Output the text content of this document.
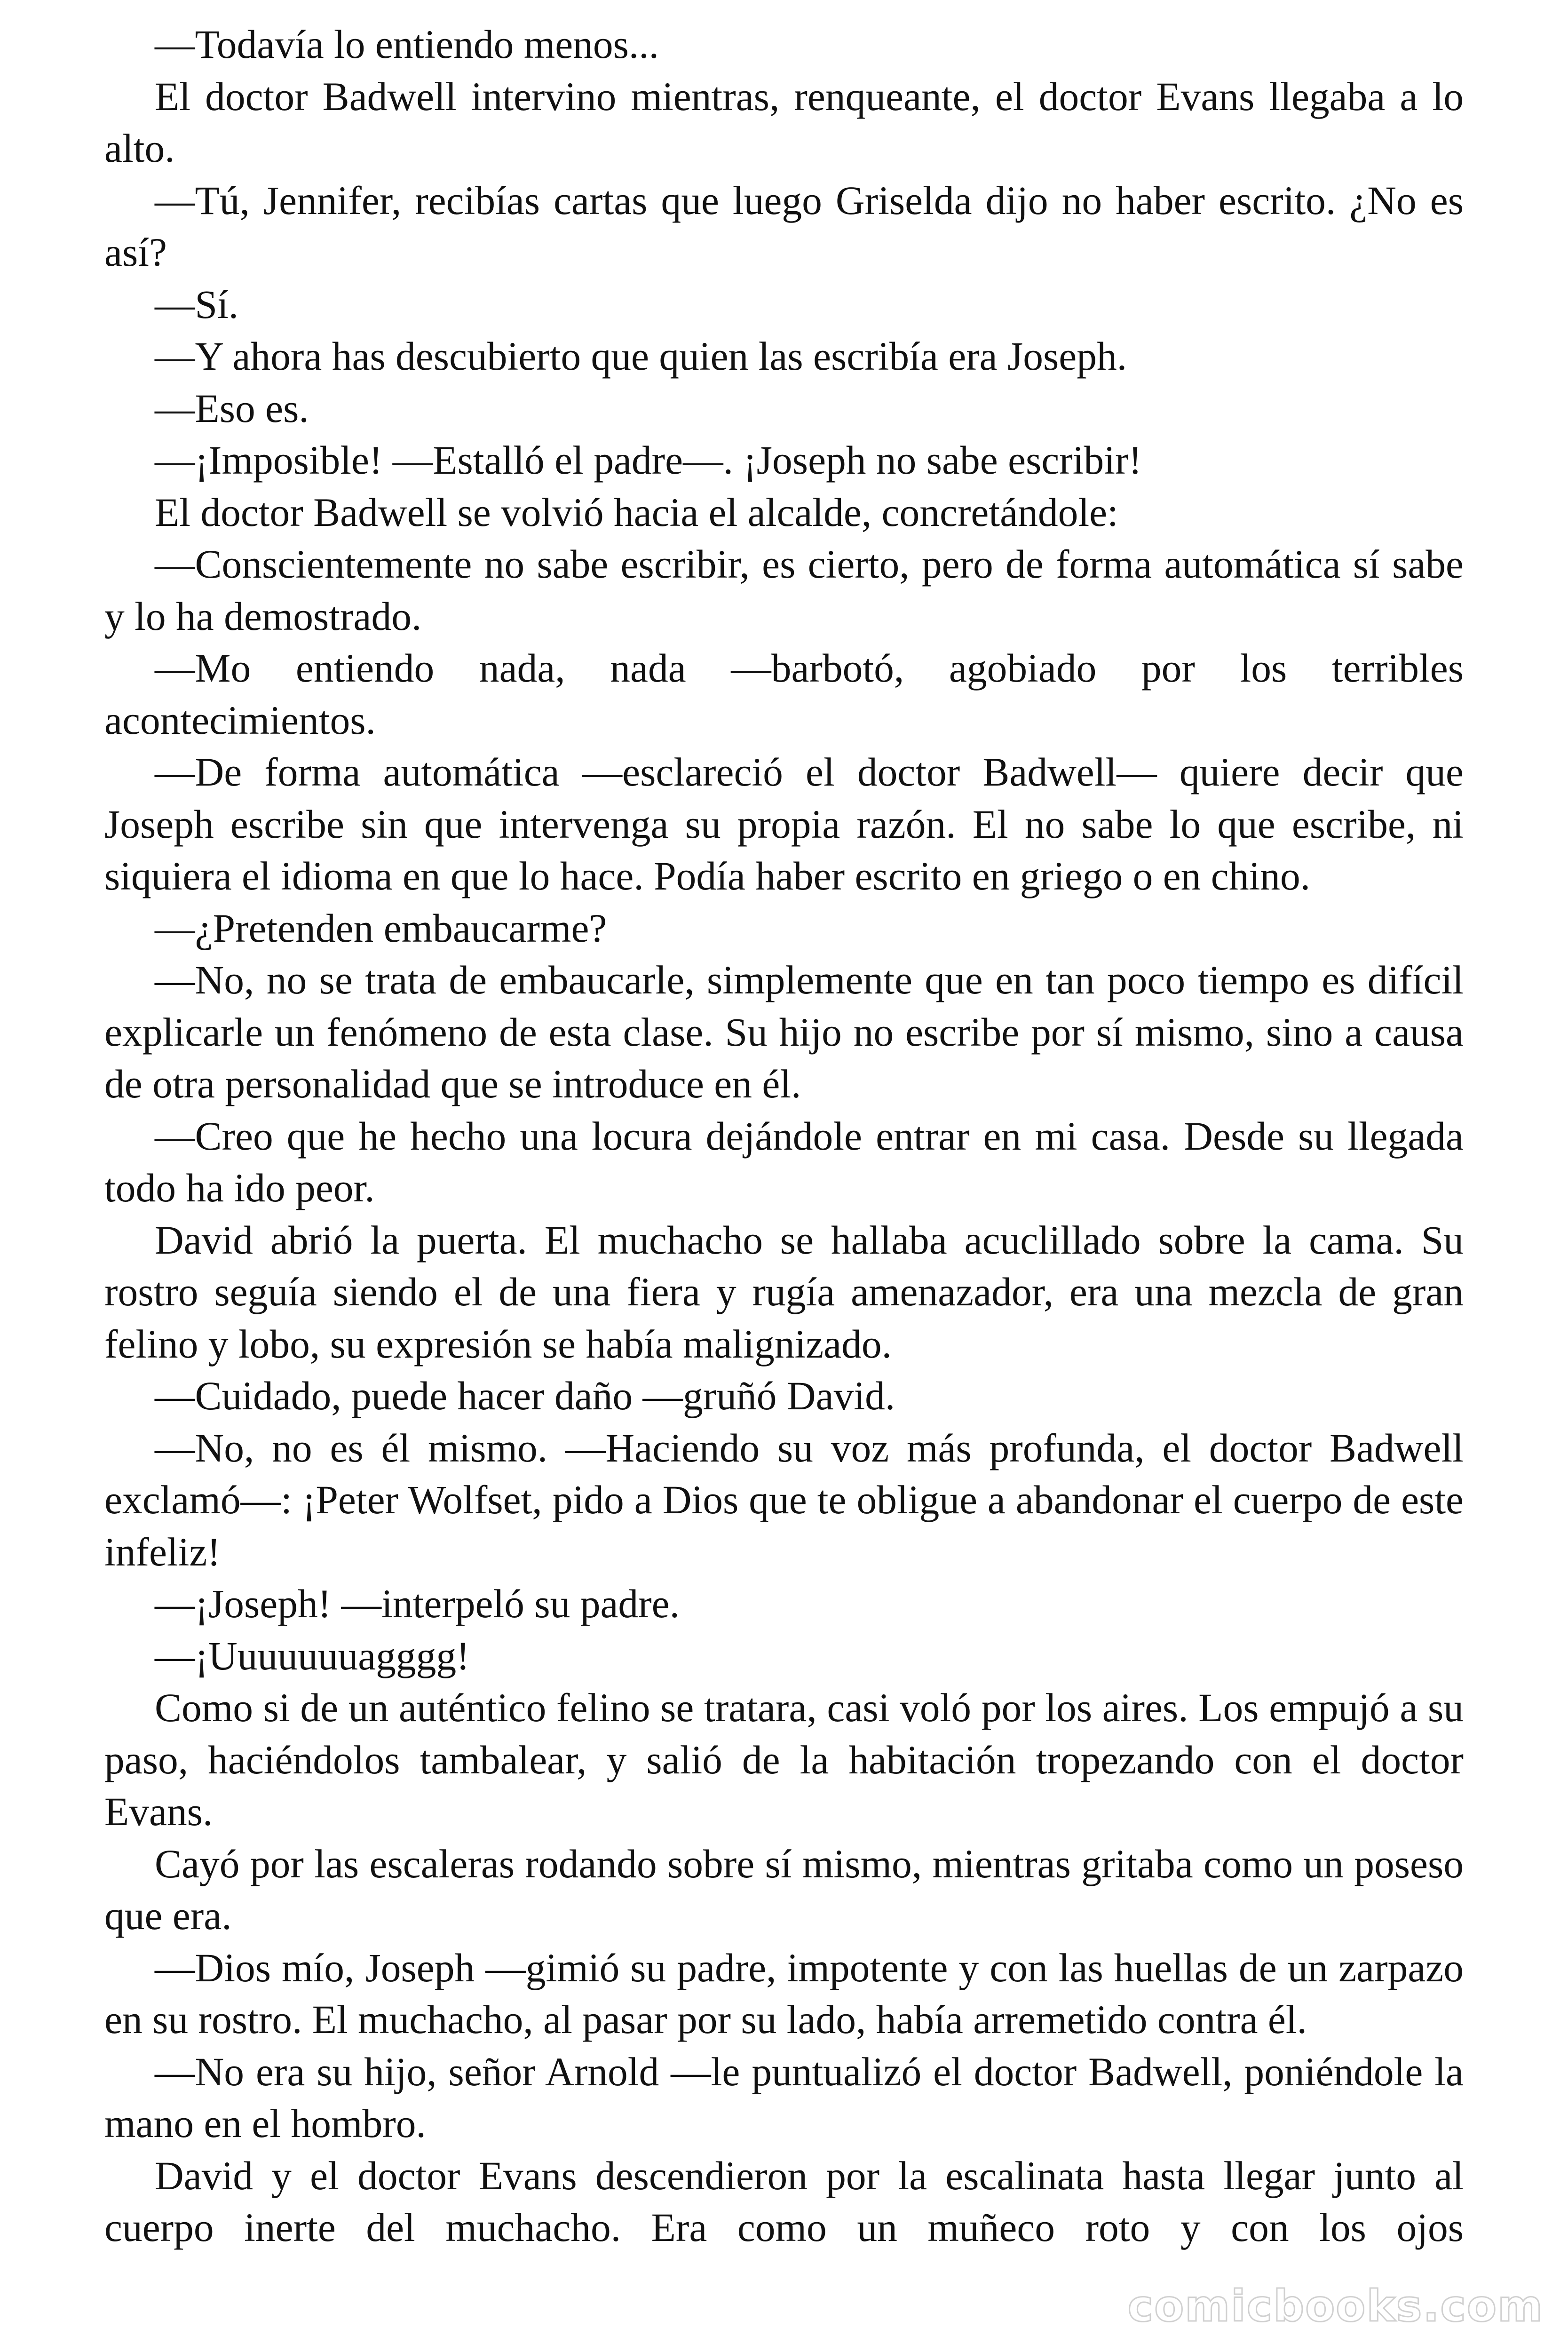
—Todavía lo entiendo menos...

El doctor Badwell intervino mientras, renqueante, el doctor Evans llegaba a lo alto.

—Tú, Jennifer, recibías cartas que luego Griselda dijo no haber escrito. ¿No es así?

—Sí.

—Y ahora has descubierto que quien las escribía era Joseph.

—Eso es.

—¡Imposible! —Estalló el padre—. ¡Joseph no sabe escribir!

El doctor Badwell se volvió hacia el alcalde, concretándole:

—Conscientemente no sabe escribir, es cierto, pero de forma automática sí sabe y lo ha demostrado.

—Mo entiendo nada, nada —barbotó, agobiado por los terribles acontecimientos.

—De forma automática —esclareció el doctor Badwell— quiere decir que Joseph escribe sin que intervenga su propia razón. El no sabe lo que escribe, ni siquiera el idioma en que lo hace. Podía haber escrito en griego o en chino.

—¿Pretenden embaucarme?

—No, no se trata de embaucarle, simplemente que en tan poco tiempo es difícil explicarle un fenómeno de esta clase. Su hijo no escribe por sí mismo, sino a causa de otra personalidad que se introduce en él.

—Creo que he hecho una locura dejándole entrar en mi casa. Desde su llegada todo ha ido peor.

David abrió la puerta. El muchacho se hallaba acuclillado sobre la cama. Su rostro seguía siendo el de una fiera y rugía amenazador, era una mezcla de gran felino y lobo, su expresión se había malignizado.

—Cuidado, puede hacer daño —gruñó David.

—No, no es él mismo. —Haciendo su voz más profunda, el doctor Badwell exclamó—: ¡Peter Wolfset, pido a Dios que te obligue a abandonar el cuerpo de este infeliz!

—¡Joseph! —interpeló su padre.

—¡Uuuuuuuagggg!

Como si de un auténtico felino se tratara, casi voló por los aires. Los empujó a su paso, haciéndolos tambalear, y salió de la habitación tropezando con el doctor Evans.

Cayó por las escaleras rodando sobre sí mismo, mientras gritaba como un poseso que era.

—Dios mío, Joseph —gimió su padre, impotente y con las huellas de un zarpazo en su rostro. El muchacho, al pasar por su lado, había arremetido contra él.

—No era su hijo, señor Arnold —le puntualizó el doctor Badwell, poniéndole la mano en el hombro.

David y el doctor Evans descendieron por la escalinata hasta llegar junto al cuerpo inerte del muchacho. Era como un muñeco roto y con los ojos

comicbooks.com
